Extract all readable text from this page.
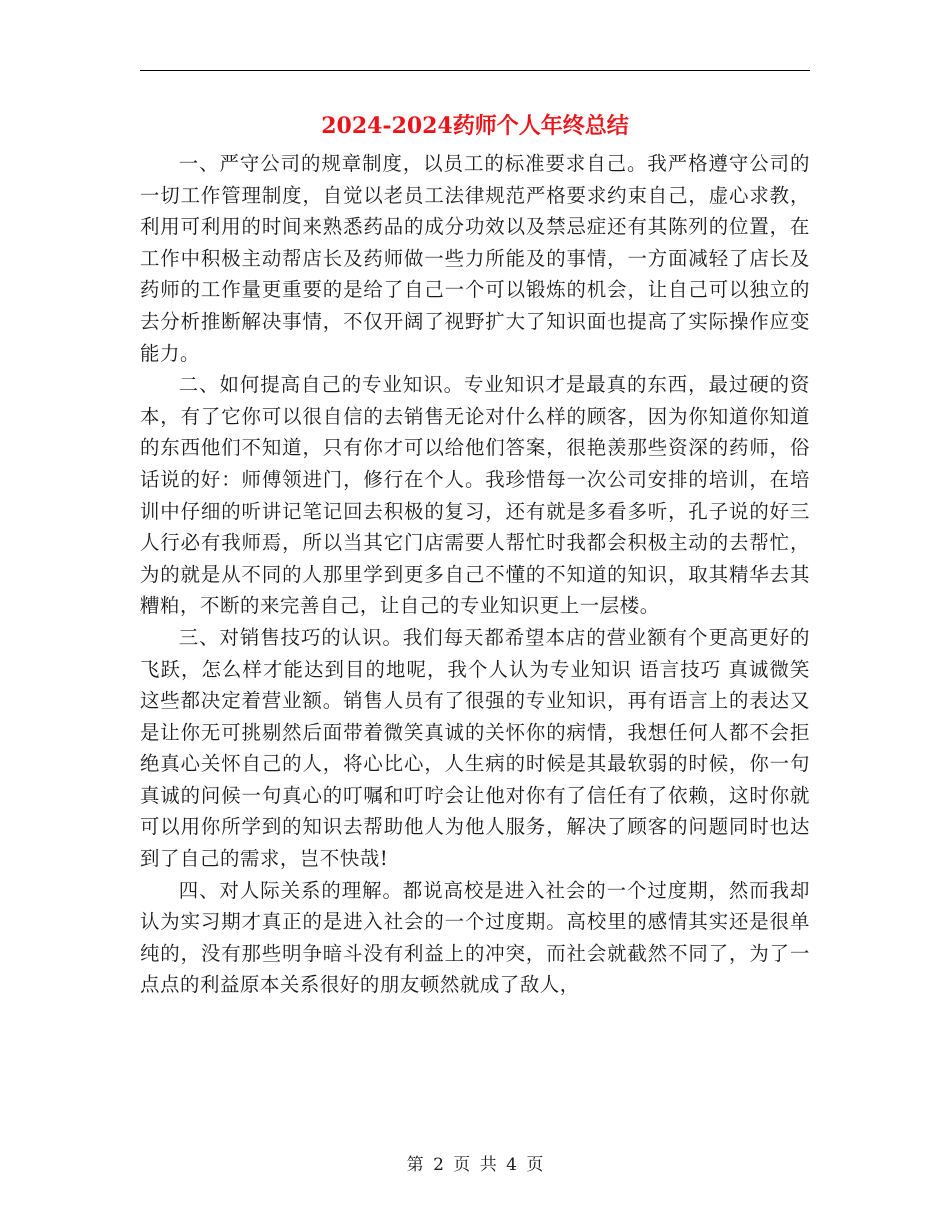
2024-2024药师个人年终总结

一、严守公司的规章制度，以员工的标准要求自己。我严格遵守公司的一切工作管理制度，自觉以老员工法律规范严格要求约束自己，虚心求教，利用可利用的时间来熟悉药品的成分功效以及禁忌症还有其陈列的位置，在工作中积极主动帮店长及药师做一些力所能及的事情，一方面减轻了店长及药师的工作量更重要的是给了自己一个可以锻炼的机会，让自己可以独立的去分析推断解决事情，不仅开阔了视野扩大了知识面也提高了实际操作应变能力。

二、如何提高自己的专业知识。专业知识才是最真的东西，最过硬的资本，有了它你可以很自信的去销售无论对什么样的顾客，因为你知道你知道的东西他们不知道，只有你才可以给他们答案，很艳羡那些资深的药师，俗话说的好：师傅领进门，修行在个人。我珍惜每一次公司安排的培训，在培训中仔细的听讲记笔记回去积极的复习，还有就是多看多听，孔子说的好三人行必有我师焉，所以当其它门店需要人帮忙时我都会积极主动的去帮忙，为的就是从不同的人那里学到更多自己不懂的不知道的知识，取其精华去其糟粕，不断的来完善自己，让自己的专业知识更上一层楼。

三、对销售技巧的认识。我们每天都希望本店的营业额有个更高更好的飞跃，怎么样才能达到目的地呢，我个人认为专业知识 语言技巧 真诚微笑这些都决定着营业额。销售人员有了很强的专业知识，再有语言上的表达又是让你无可挑剔然后面带着微笑真诚的关怀你的病情，我想任何人都不会拒绝真心关怀自己的人，将心比心，人生病的时候是其最软弱的时候，你一句真诚的问候一句真心的叮嘱和叮咛会让他对你有了信任有了依赖，这时你就可以用你所学到的知识去帮助他人为他人服务，解决了顾客的问题同时也达到了自己的需求，岂不快哉!

四、对人际关系的理解。都说高校是进入社会的一个过度期，然而我却认为实习期才真正的是进入社会的一个过度期。高校里的感情其实还是很单纯的，没有那些明争暗斗没有利益上的冲突，而社会就截然不同了，为了一点点的利益原本关系很好的朋友顿然就成了敌人，

第 2 页 共 4 页
